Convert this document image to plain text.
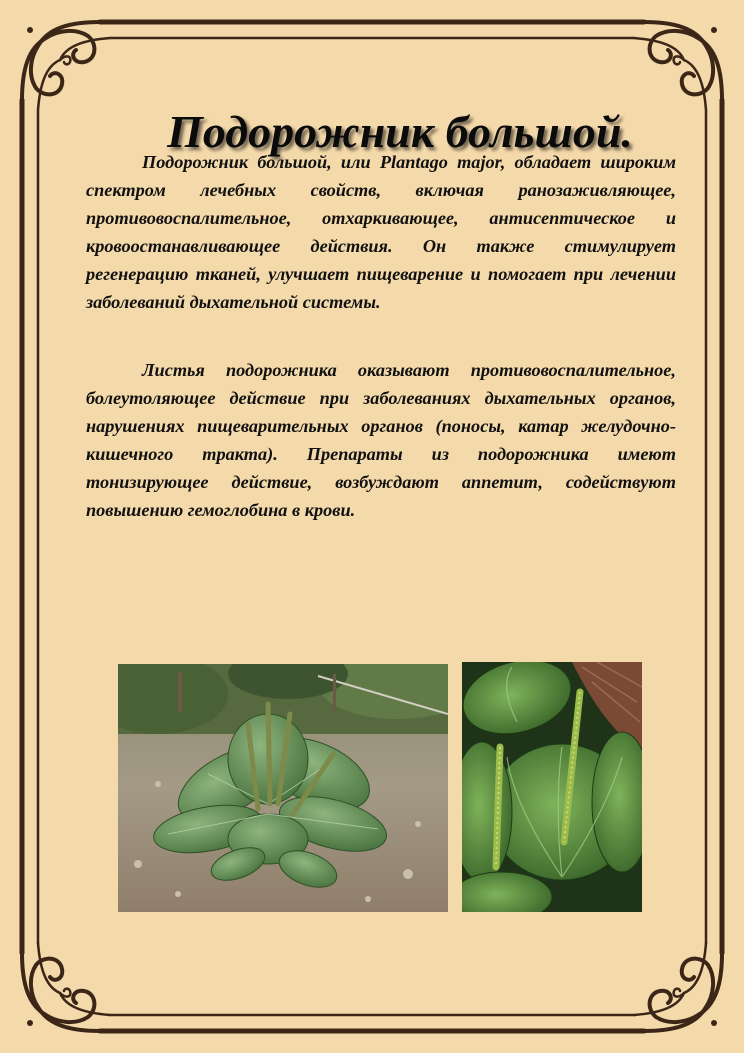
Подорожник большой.

Подорожник большой, или Plantago major, обладает широким спектром лечебных свойств, включая ранозаживляющее, противовоспалительное, отхаркивающее, антисептическое и кровоостанавливающее действия. Он также стимулирует регенерацию тканей, улучшает пищеварение и помогает при лечении заболеваний дыхательной системы.

Листья подорожника оказывают противовоспалительное, болеутоляющее действие при заболеваниях дыхательных органов, нарушениях пищеварительных органов (поносы, катар желудочно-кишечного тракта). Препараты из подорожника имеют тонизирующее действие, возбуждают аппетит, содействуют повышению гемоглобина в крови.
